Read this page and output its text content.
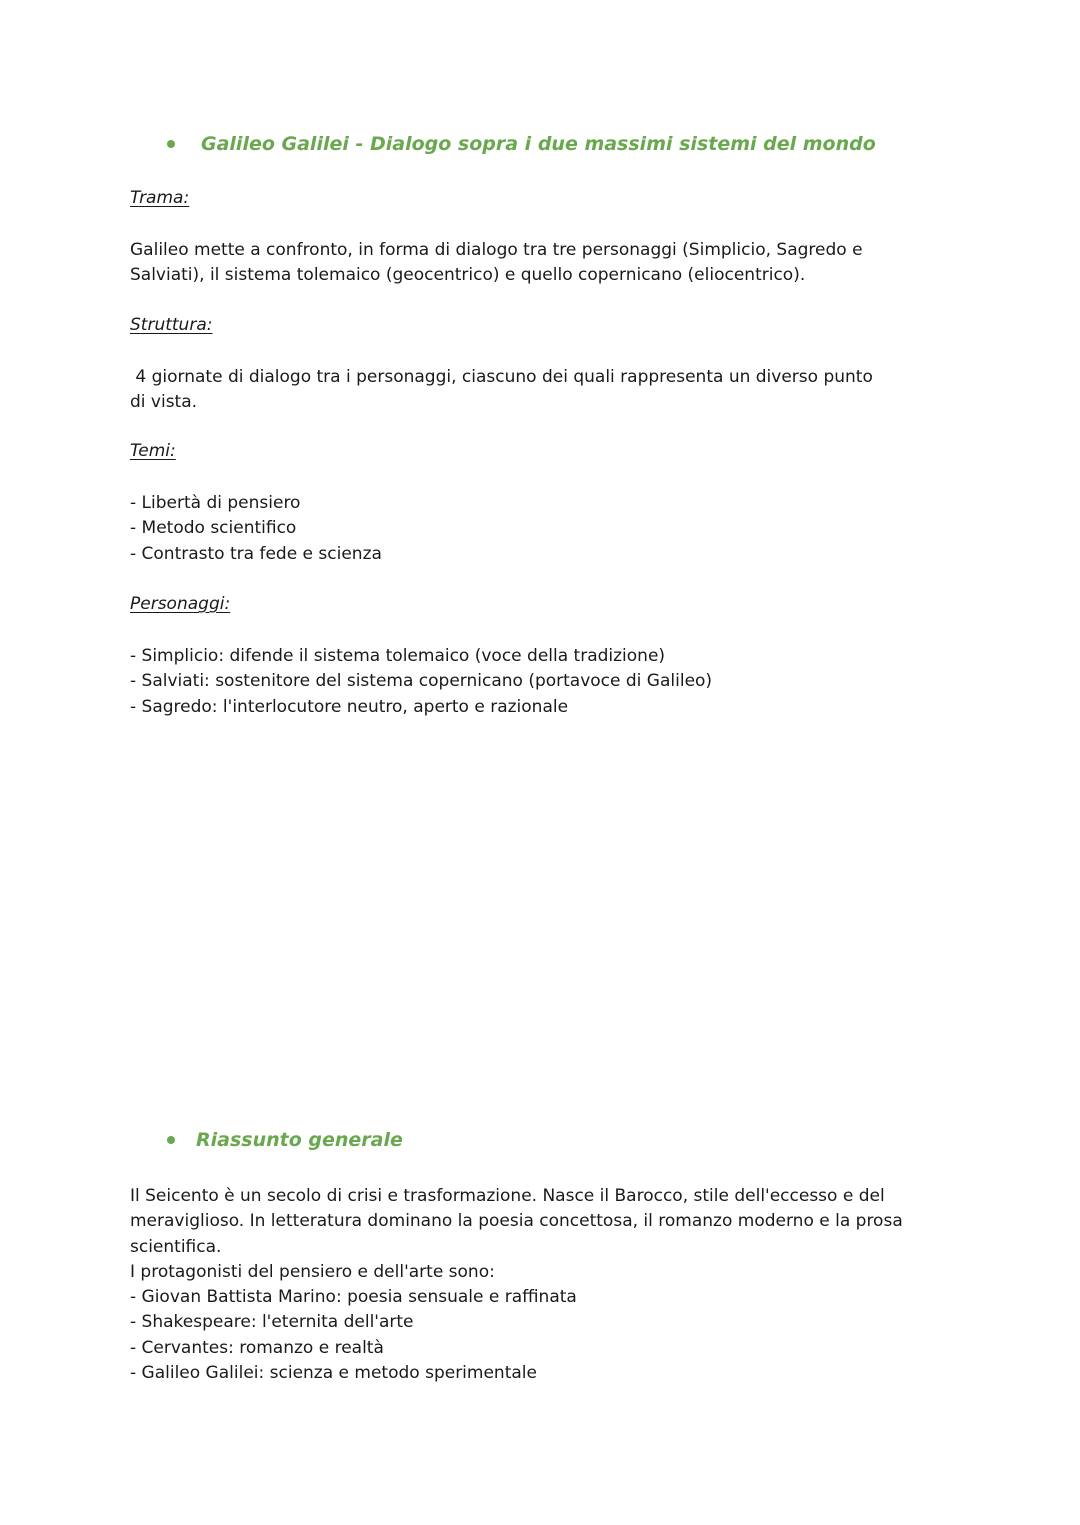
Galileo Galilei - Dialogo sopra i due massimi sistemi del mondo
Trama:
Galileo mette a confronto, in forma di dialogo tra tre personaggi (Simplicio, Sagredo e
Salviati), il sistema tolemaico (geocentrico) e quello copernicano (eliocentrico).
Struttura:
4 giornate di dialogo tra i personaggi, ciascuno dei quali rappresenta un diverso punto
di vista.
Temi:
- Libertà di pensiero
- Metodo scientifico
- Contrasto tra fede e scienza
Personaggi:
- Simplicio: difende il sistema tolemaico (voce della tradizione)
- Salviati: sostenitore del sistema copernicano (portavoce di Galileo)
- Sagredo: l'interlocutore neutro, aperto e razionale
Riassunto generale
Il Seicento è un secolo di crisi e trasformazione. Nasce il Barocco, stile dell'eccesso e del
meraviglioso. In letteratura dominano la poesia concettosa, il romanzo moderno e la prosa
scientifica.
I protagonisti del pensiero e dell'arte sono:
- Giovan Battista Marino: poesia sensuale e raffinata
- Shakespeare: l'eternita dell'arte
- Cervantes: romanzo e realtà
- Galileo Galilei: scienza e metodo sperimentale
